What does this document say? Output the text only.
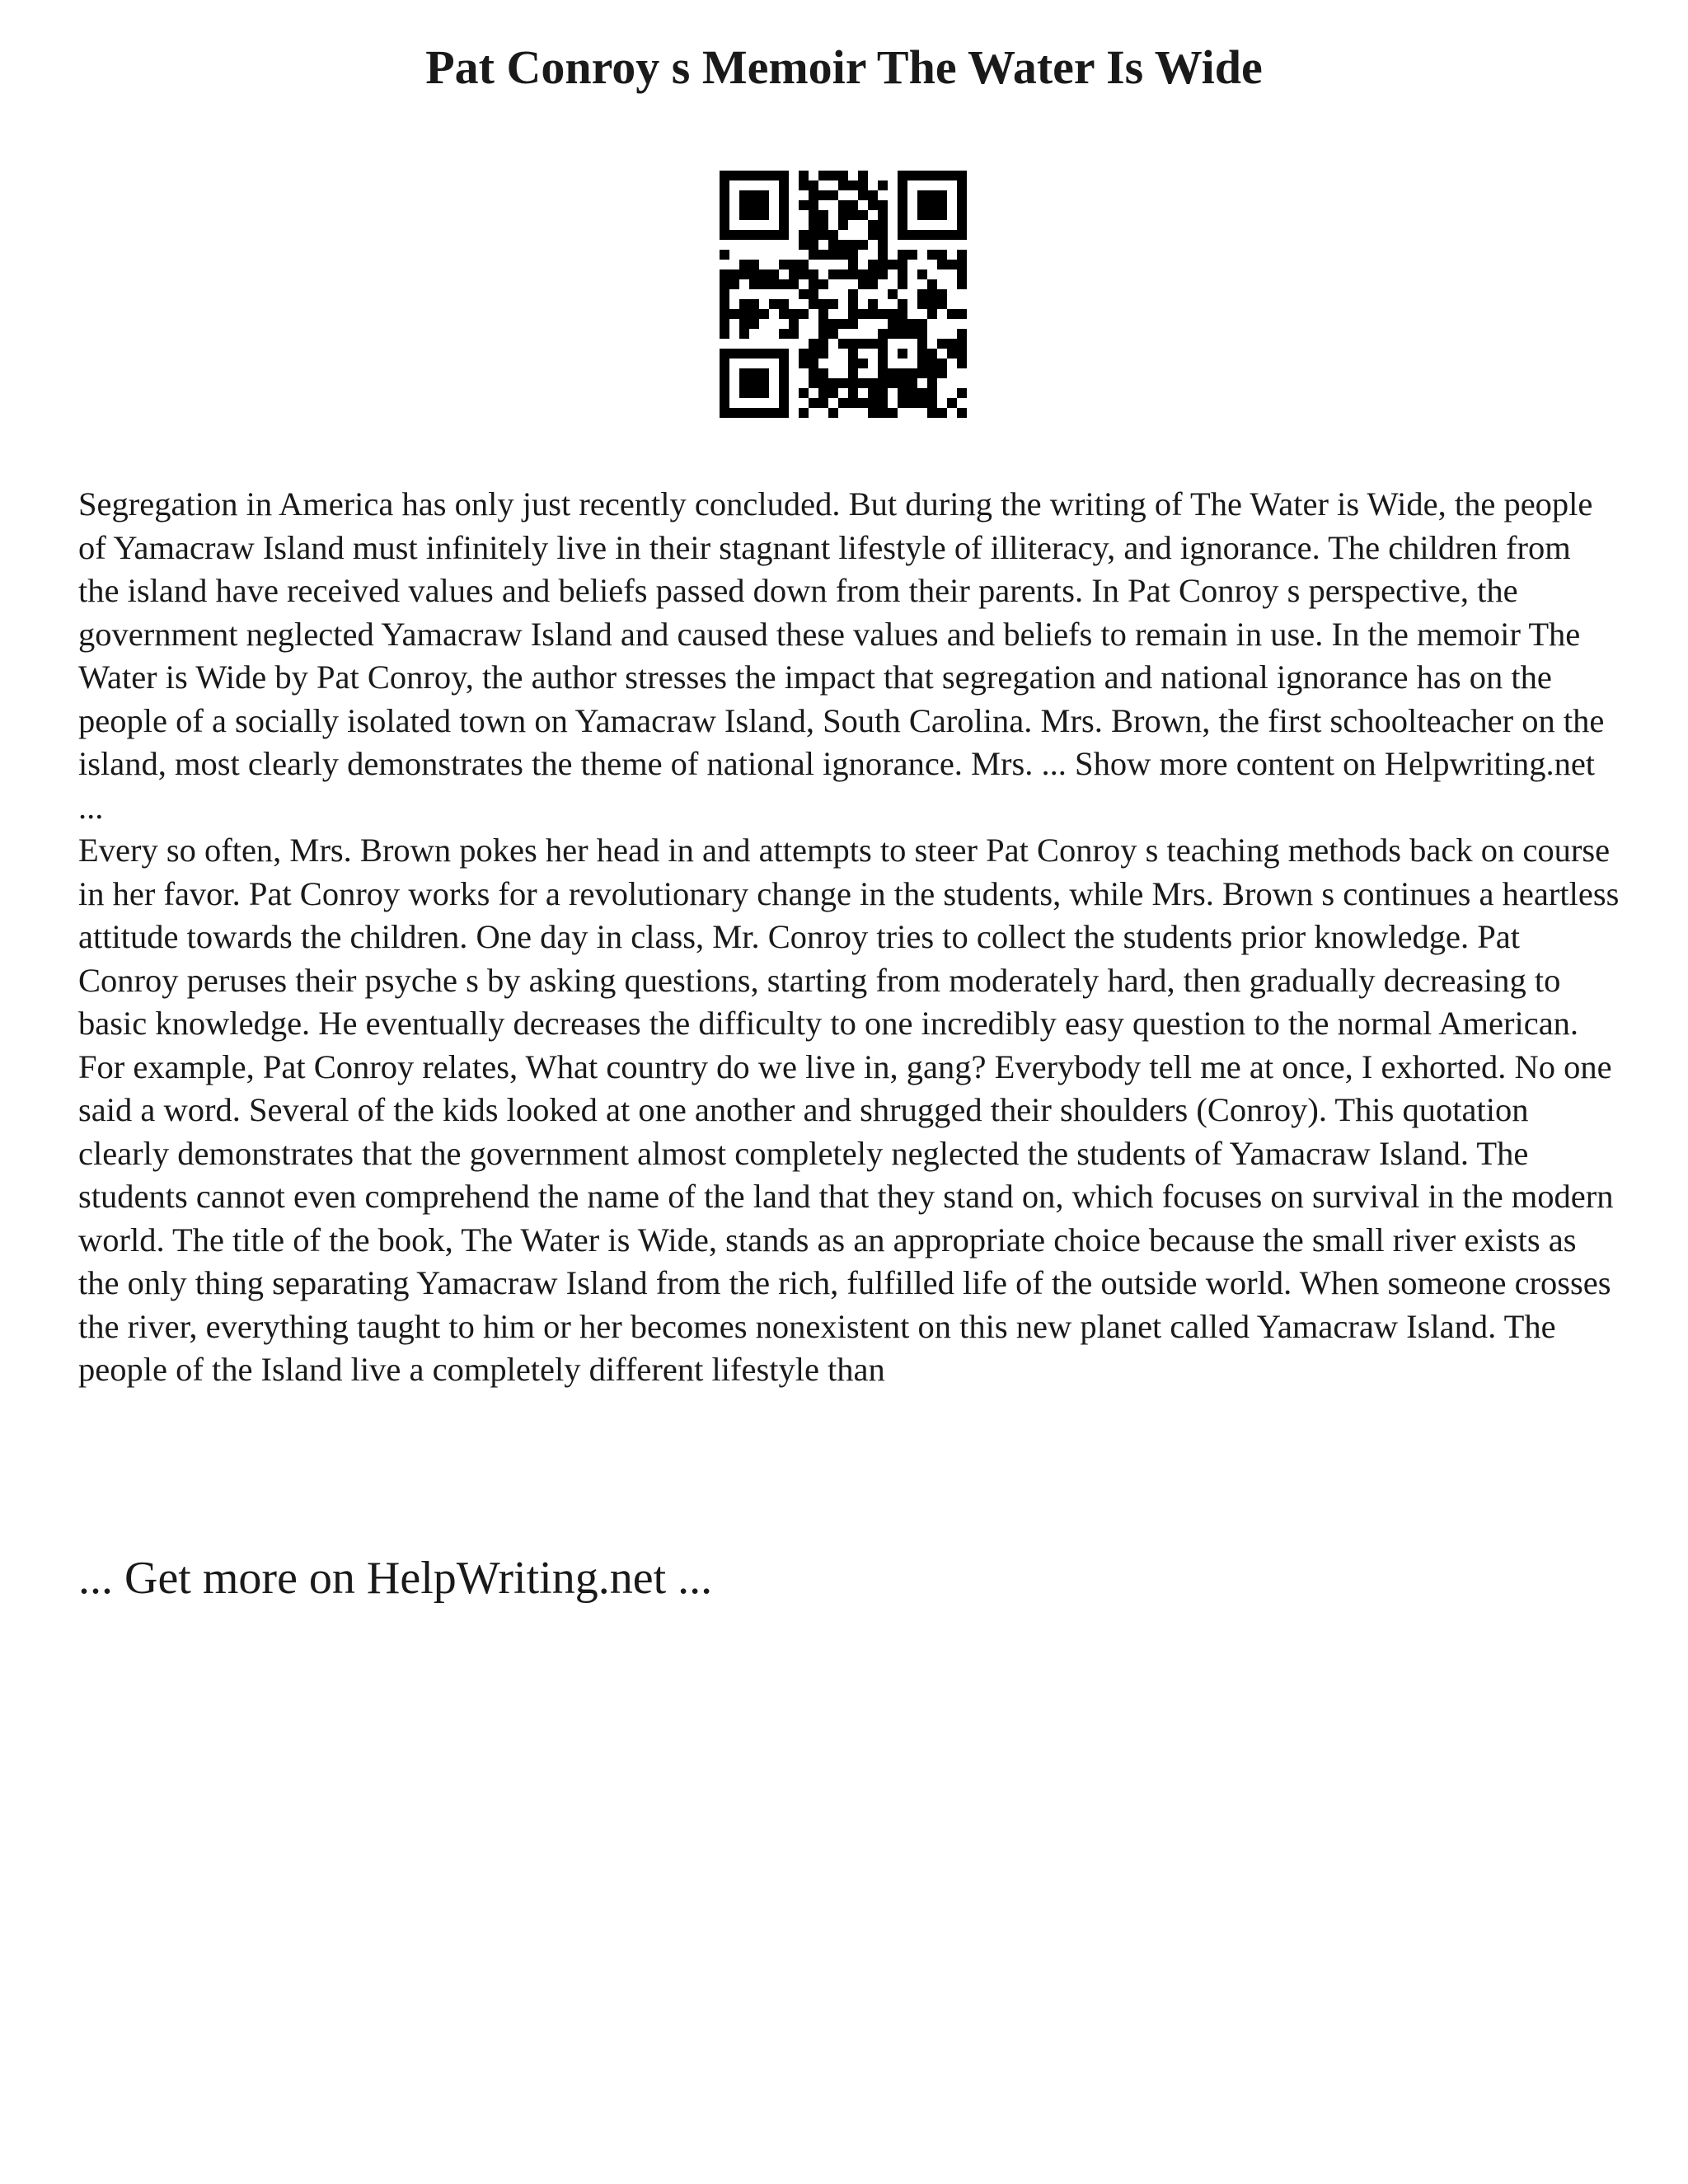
Pat Conroy s Memoir The Water Is Wide

Segregation in America has only just recently concluded. But during the writing of The Water is Wide, the people of Yamacraw Island must infinitely live in their stagnant lifestyle of illiteracy, and ignorance. The children from the island have received values and beliefs passed down from their parents. In Pat Conroy s perspective, the government neglected Yamacraw Island and caused these values and beliefs to remain in use. In the memoir The Water is Wide by Pat Conroy, the author stresses the impact that segregation and national ignorance has on the people of a socially isolated town on Yamacraw Island, South Carolina. Mrs. Brown, the first schoolteacher on the island, most clearly demonstrates the theme of national ignorance. Mrs. ... Show more content on Helpwriting.net ...

Every so often, Mrs. Brown pokes her head in and attempts to steer Pat Conroy s teaching methods back on course in her favor. Pat Conroy works for a revolutionary change in the students, while Mrs. Brown s continues a heartless attitude towards the children. One day in class, Mr. Conroy tries to collect the students prior knowledge. Pat Conroy peruses their psyche s by asking questions, starting from moderately hard, then gradually decreasing to basic knowledge. He eventually decreases the difficulty to one incredibly easy question to the normal American. For example, Pat Conroy relates, What country do we live in, gang? Everybody tell me at once, I exhorted. No one said a word. Several of the kids looked at one another and shrugged their shoulders (Conroy). This quotation clearly demonstrates that the government almost completely neglected the students of Yamacraw Island. The students cannot even comprehend the name of the land that they stand on, which focuses on survival in the modern world. The title of the book, The Water is Wide, stands as an appropriate choice because the small river exists as the only thing separating Yamacraw Island from the rich, fulfilled life of the outside world. When someone crosses the river, everything taught to him or her becomes nonexistent on this new planet called Yamacraw Island. The people of the Island live a completely different lifestyle than

... Get more on HelpWriting.net ...
